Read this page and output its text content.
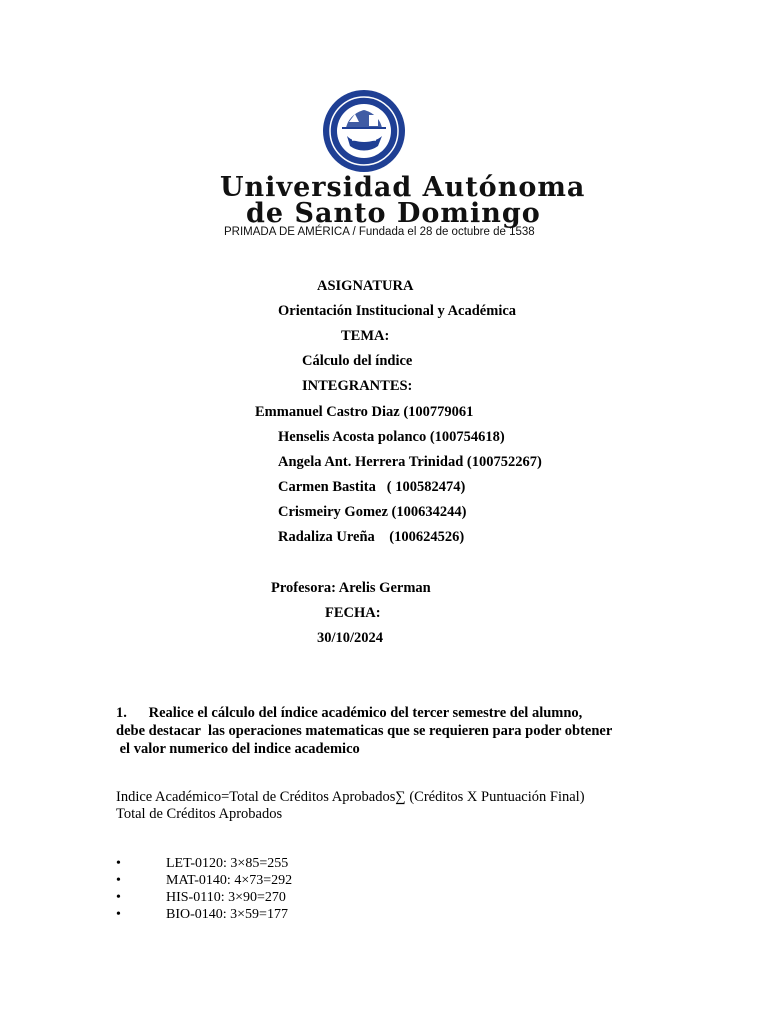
Universidad Autónoma
de Santo Domingo
PRIMADA DE AMÉRICA / Fundada el 28 de octubre de 1538
ASIGNATURA
Orientación Institucional y Académica
TEMA:
Cálculo del índice
INTEGRANTES:
Emmanuel Castro Diaz (100779061
Henselis Acosta polanco (100754618)
Angela Ant. Herrera Trinidad (100752267)
Carmen Bastita   ( 100582474)
Crismeiry Gomez (100634244)
Radaliza Ureña    (100624526)
Profesora: Arelis German
FECHA:
30/10/2024
1.      Realice el cálculo del índice académico del tercer semestre del alumno,
debe destacar  las operaciones matematicas que se requieren para poder obtener
el valor numerico del indice academico
Indice Académico=Total de Créditos Aprobados∑ (Créditos X Puntuación Final)
Total de Créditos Aprobados
•	LET-0120: 3×85=255
•	MAT-0140: 4×73=292
•	HIS-0110: 3×90=270
•	BIO-0140: 3×59=177
